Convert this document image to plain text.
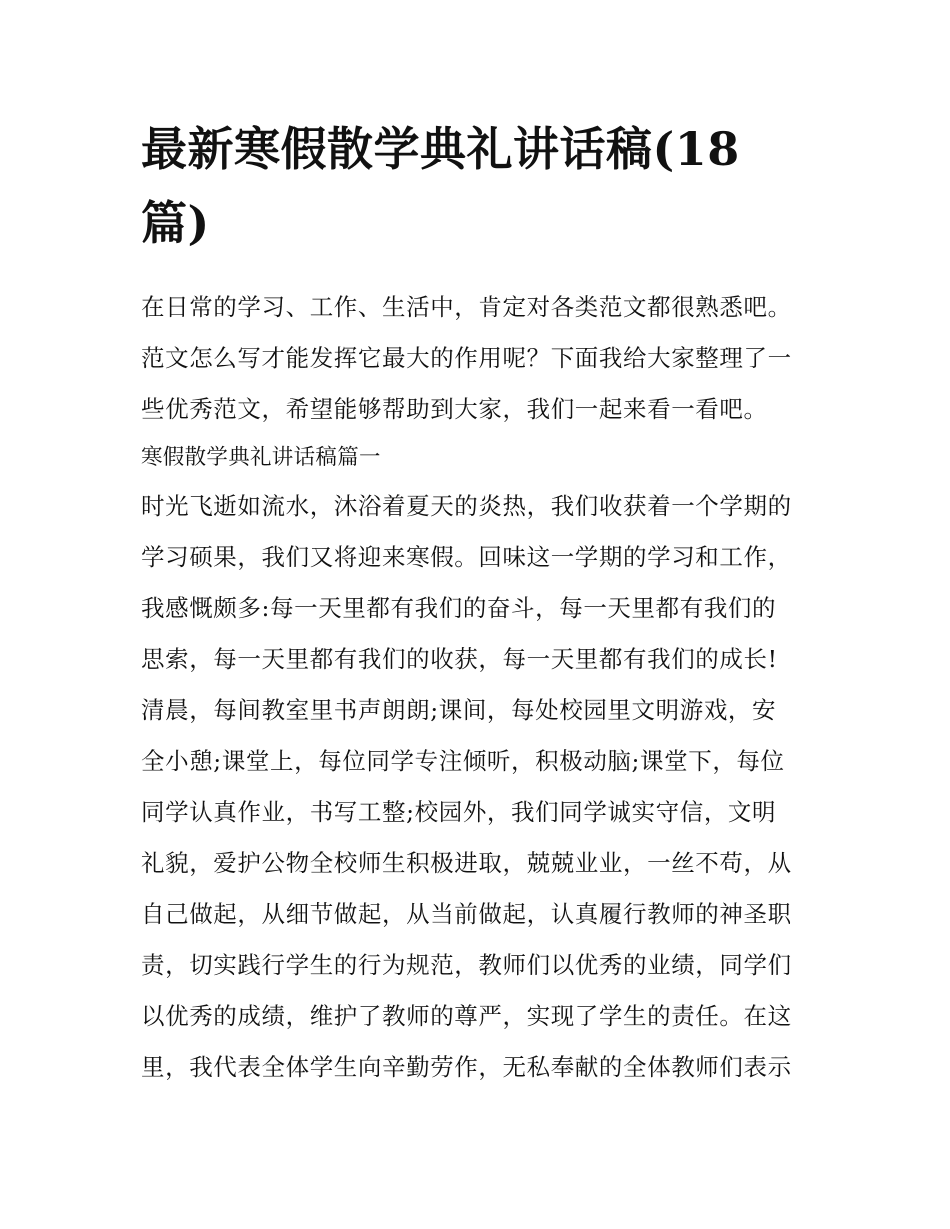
最新寒假散学典礼讲话稿(18
篇)

在日常的学习、工作、生活中，肯定对各类范文都很熟悉吧。
范文怎么写才能发挥它最大的作用呢？下面我给大家整理了一
些优秀范文，希望能够帮助到大家，我们一起来看一看吧。

寒假散学典礼讲话稿篇一

时光飞逝如流水，沐浴着夏天的炎热，我们收获着一个学期的
学习硕果，我们又将迎来寒假。回味这一学期的学习和工作，
我感慨颇多:每一天里都有我们的奋斗，每一天里都有我们的
思索，每一天里都有我们的收获，每一天里都有我们的成长!
清晨，每间教室里书声朗朗;课间，每处校园里文明游戏，安
全小憩;课堂上，每位同学专注倾听，积极动脑;课堂下，每位
同学认真作业，书写工整;校园外，我们同学诚实守信，文明
礼貌，爱护公物全校师生积极进取，兢兢业业，一丝不苟，从
自己做起，从细节做起，从当前做起，认真履行教师的神圣职
责，切实践行学生的行为规范，教师们以优秀的业绩，同学们
以优秀的成绩，维护了教师的尊严，实现了学生的责任。在这
里，我代表全体学生向辛勤劳作，无私奉献的全体教师们表示
